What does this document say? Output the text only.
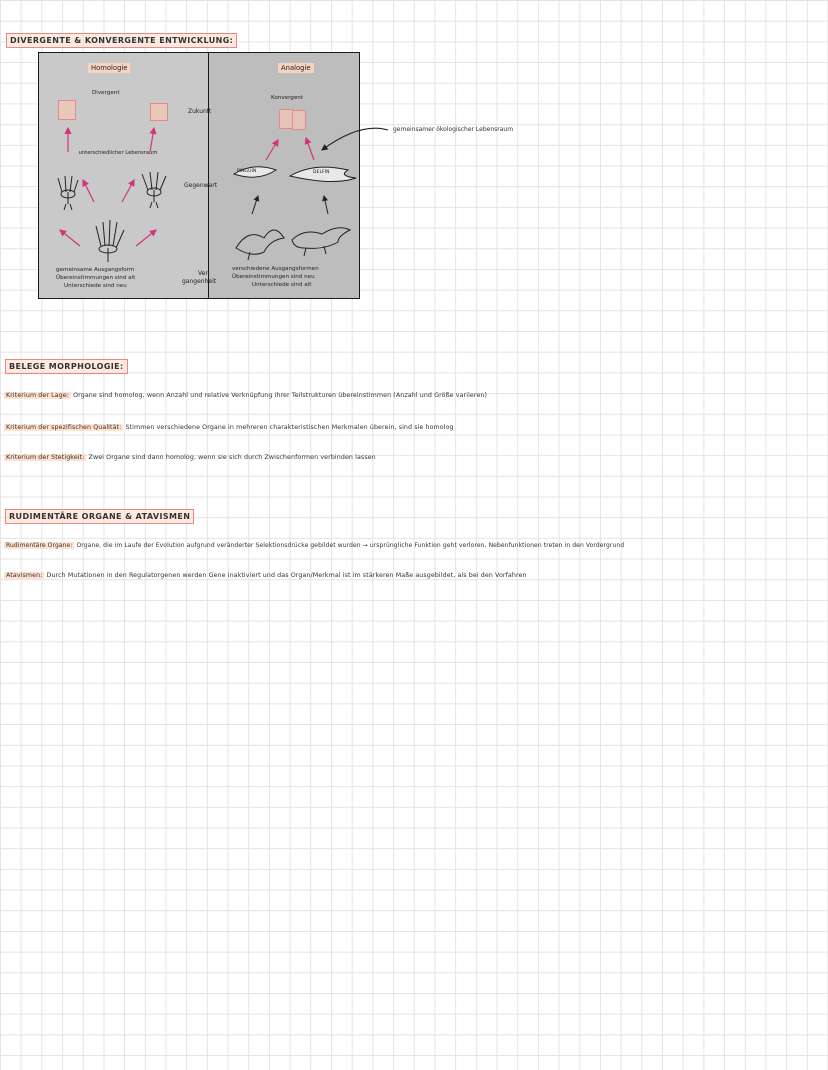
DIVERGENTE & KONVERGENTE ENTWICKLUNG:
Homologie
Divergent
unterschiedlicher Lebensraum
gemeinsame Ausgangsform
Übereinstimmungen sind alt
Unterschiede sind neu
Analogie
Konvergent
verschiedene Ausgangsformen
Übereinstimmungen sind neu
Unterschiede sind alt
Zukunft
Gegenwart
Ver-
gangenheit
PINGUIN	DELFIN
gemeinsamer ökologischer Lebensraum
BELEGE MORPHOLOGIE:
Kriterium der Lage: Organe sind homolog, wenn Anzahl und relative Verknüpfung ihrer Teilstrukturen übereinstimmen (Anzahl und Größe variieren)
Kriterium der spezifischen Qualität: Stimmen verschiedene Organe in mehreren charakteristischen Merkmalen überein, sind sie homolog
Kriterium der Stetigkeit: Zwei Organe sind dann homolog, wenn sie sich durch Zwischenformen verbinden lassen
RUDIMENTÄRE ORGANE & ATAVISMEN
Rudimentäre Organe: Organe, die im Laufe der Evolution aufgrund veränderter Selektionsdrücke gebildet wurden → ursprüngliche Funktion geht verloren, Nebenfunktionen treten in den Vordergrund
Atavismen: Durch Mutationen in den Regulatorgenen werden Gene inaktiviert und das Organ/Merkmal ist im stärkeren Maße ausgebildet, als bei den Vorfahren
